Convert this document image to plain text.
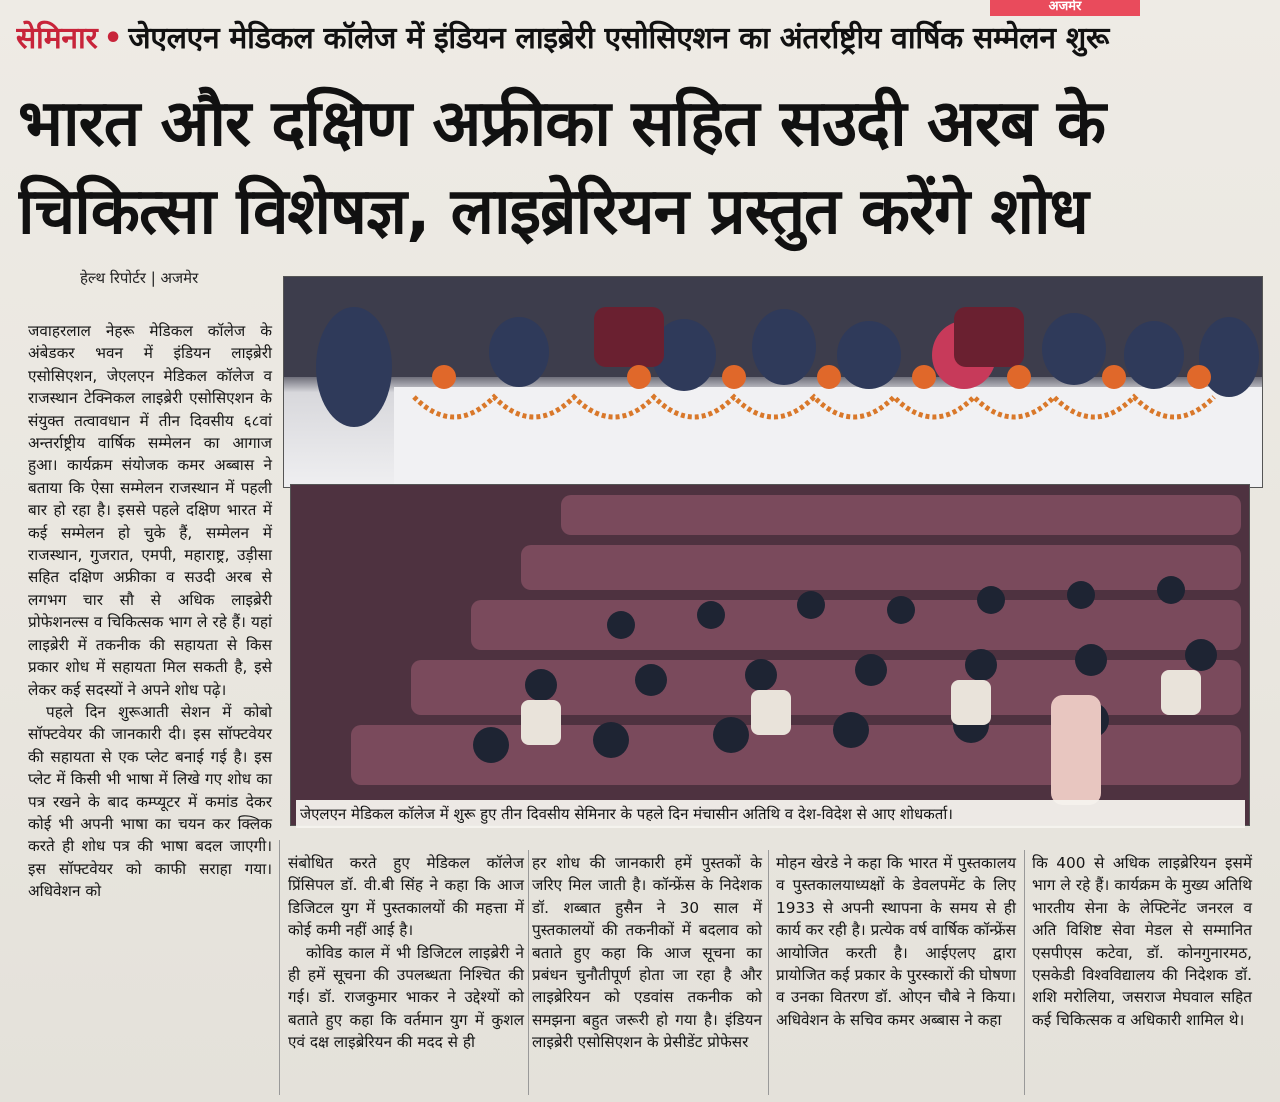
अजमेर
सेमिनार • जेएलएन मेडिकल कॉलेज में इंडियन लाइब्रेरी एसोसिएशन का अंतर्राष्ट्रीय वार्षिक सम्मेलन शुरू
भारत और दक्षिण अफ्रीका सहित सउदी अरब के
चिकित्सा विशेषज्ञ, लाइब्रेरियन प्रस्तुत करेंगे शोध
हेल्थ रिपोर्टर | अजमेर
जेएलएन मेडिकल कॉलेज में शुरू हुए तीन दिवसीय सेमिनार के पहले दिन मंचासीन अतिथि व देश-विदेश से आए शोधकर्ता।

जवाहरलाल नेहरू मेडिकल कॉलेज के अंबेडकर भवन में इंडियन लाइब्रेरी एसोसिएशन, जेएलएन मेडिकल कॉलेज व राजस्थान टेक्निकल लाइब्रेरी एसोसिएशन के संयुक्त तत्वावधान में तीन दिवसीय ६८वां अन्तर्राष्ट्रीय वार्षिक सम्मेलन का आगाज हुआ। कार्यक्रम संयोजक कमर अब्बास ने बताया कि ऐसा सम्मेलन राजस्थान में पहली बार हो रहा है। इससे पहले दक्षिण भारत में कई सम्मेलन हो चुके हैं, सम्मेलन में राजस्थान, गुजरात, एमपी, महाराष्ट्र, उड़ीसा सहित दक्षिण अफ्रीका व सउदी अरब से लगभग चार सौ से अधिक लाइब्रेरी प्रोफेशनल्स व चिकित्सक भाग ले रहे हैं। यहां लाइब्रेरी में तकनीक की सहायता से किस प्रकार शोध में सहायता मिल सकती है, इसे लेकर कई सदस्यों ने अपने शोध पढ़े।

पहले दिन शुरूआती सेशन में कोबो सॉफ्टवेयर की जानकारी दी। इस सॉफ्टवेयर की सहायता से एक प्लेट बनाई गई है। इस प्लेट में किसी भी भाषा में लिखे गए शोध का पत्र रखने के बाद कम्प्यूटर में कमांड देकर कोई भी अपनी भाषा का चयन कर क्लिक करते ही शोध पत्र की भाषा बदल जाएगी। इस सॉफ्टवेयर को काफी सराहा गया।अधिवेशन को

संबोधित करते हुए मेडिकल कॉलेज प्रिंसिपल डॉ. वी.बी सिंह ने कहा कि आज डिजिटल युग में पुस्तकालयों की महत्ता में कोई कमी नहीं आई है।

कोविड काल में भी डिजिटल लाइब्रेरी ने ही हमें सूचना की उपलब्धता निश्चित की गई। डॉ. राजकुमार भाकर ने उद्देश्यों को बताते हुए कहा कि वर्तमान युग में कुशल एवं दक्ष लाइब्रेरियन की मदद से ही

हर शोध की जानकारी हमें पुस्तकों के जरिए मिल जाती है। कॉन्फ्रेंस के निदेशक डॉ. शब्बात हुसैन ने 30 साल में पुस्तकालयों की तकनीकों में बदलाव को बताते हुए कहा कि आज सूचना का प्रबंधन चुनौतीपूर्ण होता जा रहा है और लाइब्रेरियन को एडवांस तकनीक को समझना बहुत जरूरी हो गया है। इंडियन लाइब्रेरी एसोसिएशन के प्रेसीडेंट प्रोफेसर

मोहन खेरडे ने कहा कि भारत में पुस्तकालय व पुस्तकालयाध्यक्षों के डेवलपमेंट के लिए 1933 से अपनी स्थापना के समय से ही कार्य कर रही है। प्रत्येक वर्ष वार्षिक कॉन्फ्रेंस आयोजित करती है। आईएलए द्वारा प्रायोजित कई प्रकार के पुरस्कारों की घोषणा व उनका वितरण डॉ. ओएन चौबे ने किया। अधिवेशन के सचिव कमर अब्बास ने कहा

कि 400 से अधिक लाइब्रेरियन इसमें भाग ले रहे हैं। कार्यक्रम के मुख्य अतिथि भारतीय सेना के लेफ्टिनेंट जनरल व अति विशिष्ट सेवा मेडल से सम्मानित एसपीएस कटेवा, डॉ. कोनगुनारमठ, एसकेडी विश्वविद्यालय की निदेशक डॉ. शशि मरोलिया, जसराज मेघवाल सहित कई चिकित्सक व अधिकारी शामिल थे।
